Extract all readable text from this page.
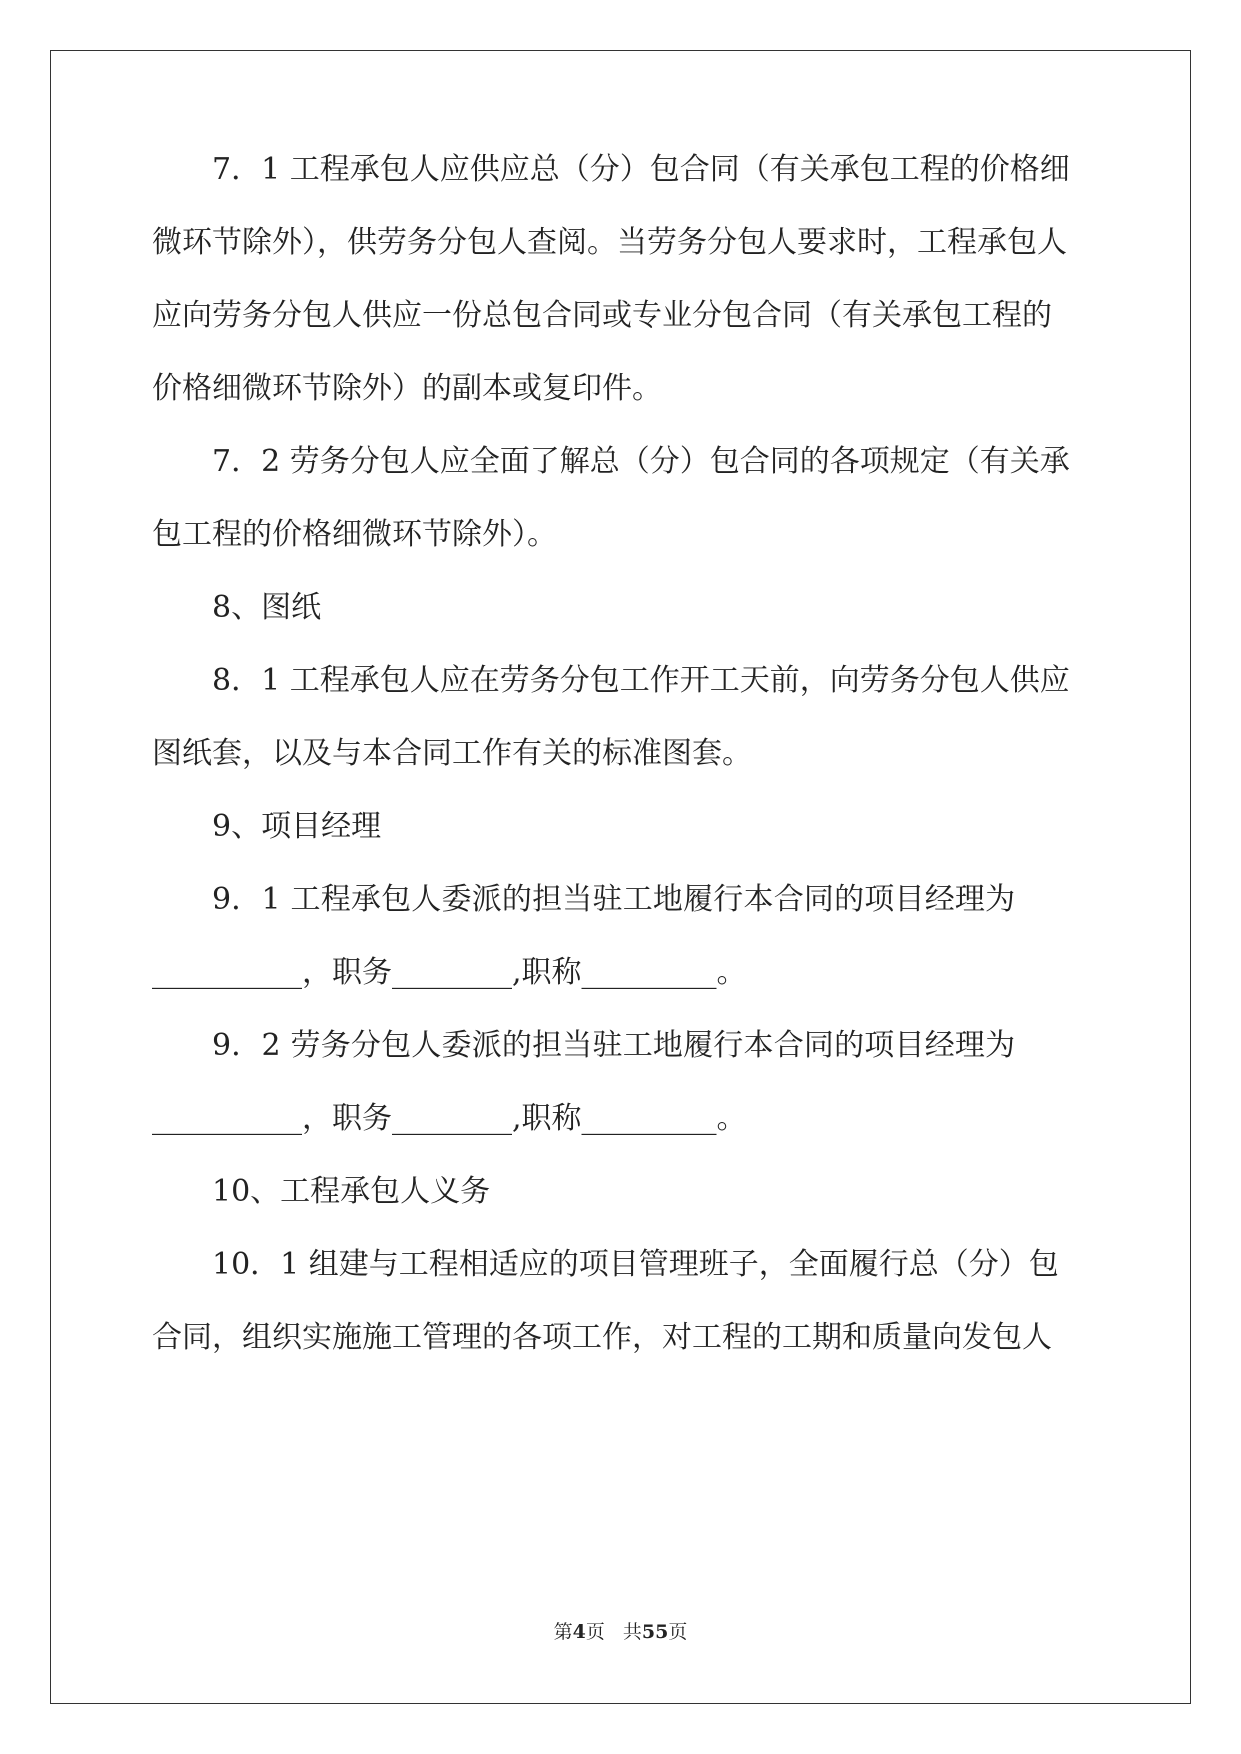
7．1 工程承包人应供应总（分）包合同（有关承包工程的价格细
微环节除外），供劳务分包人查阅。当劳务分包人要求时，工程承包人
应向劳务分包人供应一份总包合同或专业分包合同（有关承包工程的
价格细微环节除外）的副本或复印件。
7．2 劳务分包人应全面了解总（分）包合同的各项规定（有关承
包工程的价格细微环节除外）。
8、图纸
8．1 工程承包人应在劳务分包工作开工天前，向劳务分包人供应
图纸套，以及与本合同工作有关的标准图套。
9、项目经理
9．1 工程承包人委派的担当驻工地履行本合同的项目经理为
__________，职务________,职称_________。
9．2 劳务分包人委派的担当驻工地履行本合同的项目经理为
__________，职务________,职称_________。
10、工程承包人义务
10．1 组建与工程相适应的项目管理班子，全面履行总（分）包
合同，组织实施施工管理的各项工作，对工程的工期和质量向发包人
第4页 共55页
